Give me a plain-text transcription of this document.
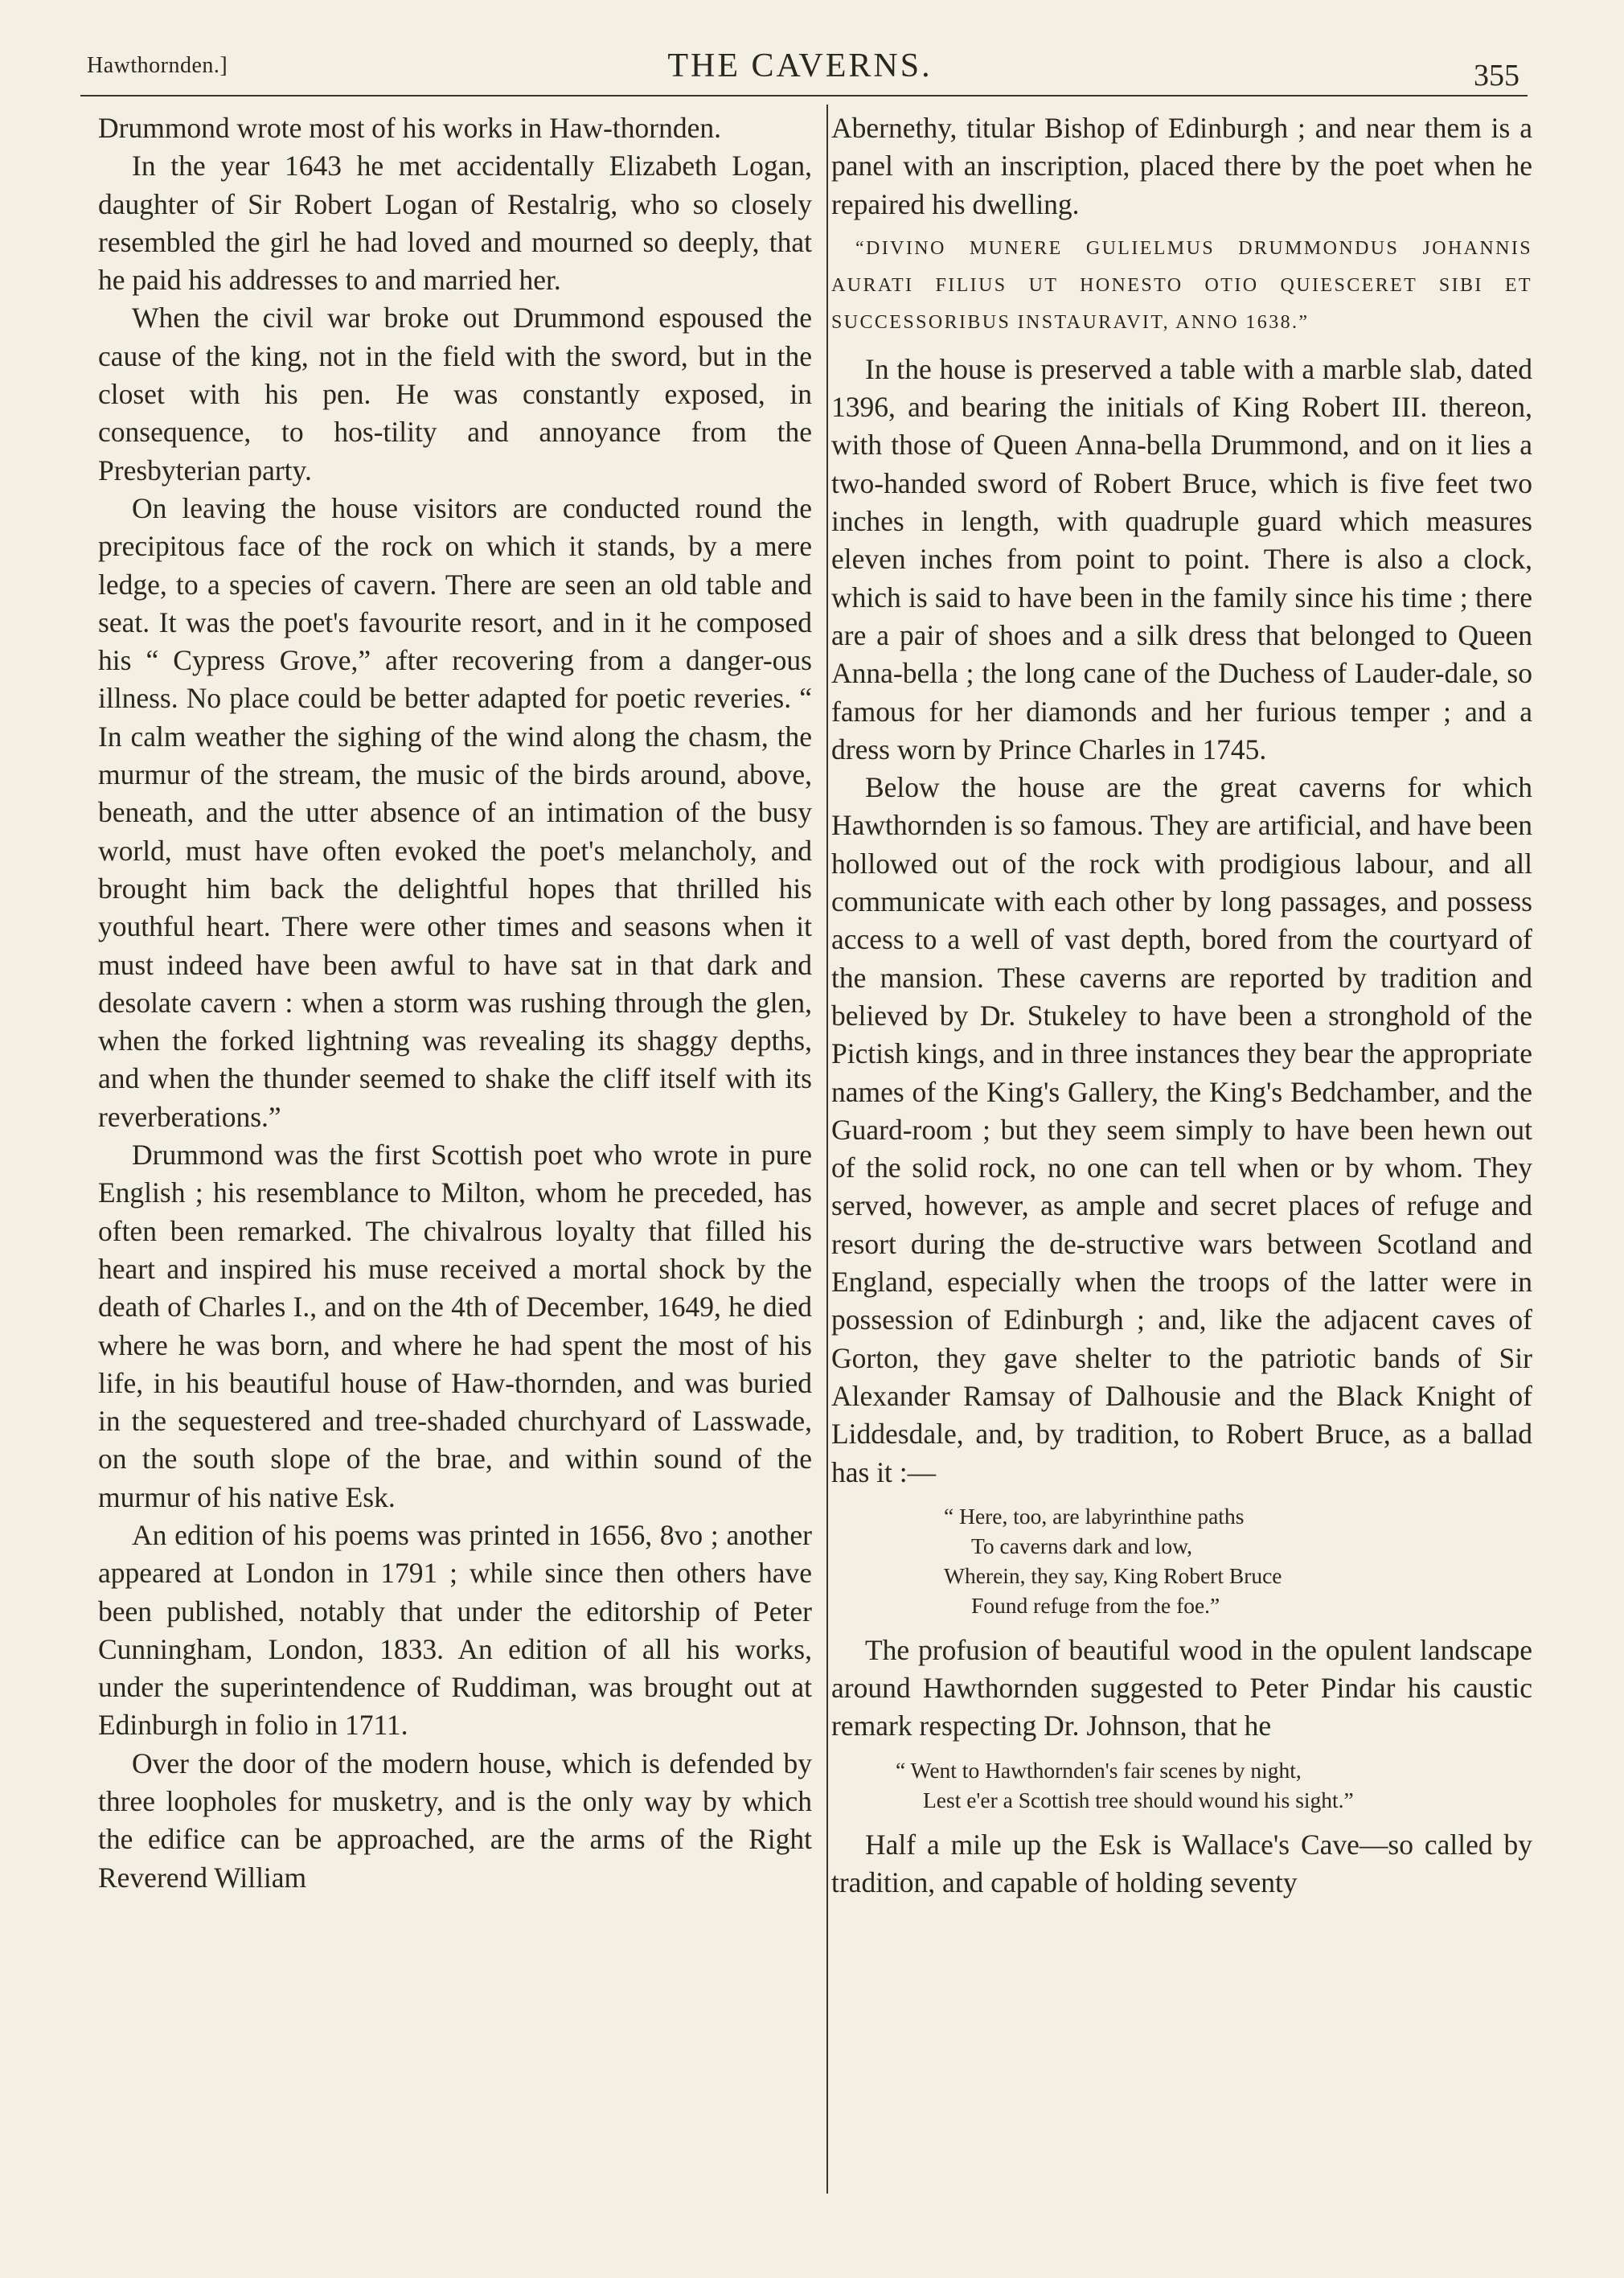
Hawthornden.]	THE CAVERNS.	355

Drummond wrote most of his works in Haw-thornden.

In the year 1643 he met accidentally Elizabeth Logan, daughter of Sir Robert Logan of Restalrig, who so closely resembled the girl he had loved and mourned so deeply, that he paid his addresses to and married her.

When the civil war broke out Drummond espoused the cause of the king, not in the field with the sword, but in the closet with his pen. He was constantly exposed, in consequence, to hos-tility and annoyance from the Presbyterian party.

On leaving the house visitors are conducted round the precipitous face of the rock on which it stands, by a mere ledge, to a species of cavern. There are seen an old table and seat. It was the poet's favourite resort, and in it he composed his “ Cypress Grove,” after recovering from a danger-ous illness. No place could be better adapted for poetic reveries. “ In calm weather the sighing of the wind along the chasm, the murmur of the stream, the music of the birds around, above, beneath, and the utter absence of an intimation of the busy world, must have often evoked the poet's melancholy, and brought him back the delightful hopes that thrilled his youthful heart. There were other times and seasons when it must indeed have been awful to have sat in that dark and desolate cavern : when a storm was rushing through the glen, when the forked lightning was revealing its shaggy depths, and when the thunder seemed to shake the cliff itself with its reverberations.”

Drummond was the first Scottish poet who wrote in pure English ; his resemblance to Milton, whom he preceded, has often been remarked. The chivalrous loyalty that filled his heart and inspired his muse received a mortal shock by the death of Charles I., and on the 4th of December, 1649, he died where he was born, and where he had spent the most of his life, in his beautiful house of Haw-thornden, and was buried in the sequestered and tree-shaded churchyard of Lasswade, on the south slope of the brae, and within sound of the murmur of his native Esk.

An edition of his poems was printed in 1656, 8vo ; another appeared at London in 1791 ; while since then others have been published, notably that under the editorship of Peter Cunningham, London, 1833. An edition of all his works, under the superintendence of Ruddiman, was brought out at Edinburgh in folio in 1711.

Over the door of the modern house, which is defended by three loopholes for musketry, and is the only way by which the edifice can be approached, are the arms of the Right Reverend William

Abernethy, titular Bishop of Edinburgh ; and near them is a panel with an inscription, placed there by the poet when he repaired his dwelling.

“DIVINO MUNERE GULIELMUS DRUMMONDUS JOHANNIS AURATI FILIUS UT HONESTO OTIO QUIESCERET SIBI ET SUCCESSORIBUS INSTAURAVIT, ANNO 1638.”

In the house is preserved a table with a marble slab, dated 1396, and bearing the initials of King Robert III. thereon, with those of Queen Anna-bella Drummond, and on it lies a two-handed sword of Robert Bruce, which is five feet two inches in length, with quadruple guard which measures eleven inches from point to point. There is also a clock, which is said to have been in the family since his time ; there are a pair of shoes and a silk dress that belonged to Queen Anna-bella ; the long cane of the Duchess of Lauder-dale, so famous for her diamonds and her furious temper ; and a dress worn by Prince Charles in 1745.

Below the house are the great caverns for which Hawthornden is so famous. They are artificial, and have been hollowed out of the rock with prodigious labour, and all communicate with each other by long passages, and possess access to a well of vast depth, bored from the courtyard of the mansion. These caverns are reported by tradition and believed by Dr. Stukeley to have been a stronghold of the Pictish kings, and in three instances they bear the appropriate names of the King's Gallery, the King's Bedchamber, and the Guard-room ; but they seem simply to have been hewn out of the solid rock, no one can tell when or by whom. They served, however, as ample and secret places of refuge and resort during the de-structive wars between Scotland and England, especially when the troops of the latter were in possession of Edinburgh ; and, like the adjacent caves of Gorton, they gave shelter to the patriotic bands of Sir Alexander Ramsay of Dalhousie and the Black Knight of Liddesdale, and, by tradition, to Robert Bruce, as a ballad has it :—

“ Here, too, are labyrinthine paths
To caverns dark and low,
Wherein, they say, King Robert Bruce
Found refuge from the foe.”

The profusion of beautiful wood in the opulent landscape around Hawthornden suggested to Peter Pindar his caustic remark respecting Dr. Johnson, that he

“ Went to Hawthornden's fair scenes by night,
Lest e'er a Scottish tree should wound his sight.”

Half a mile up the Esk is Wallace's Cave—so called by tradition, and capable of holding seventy
